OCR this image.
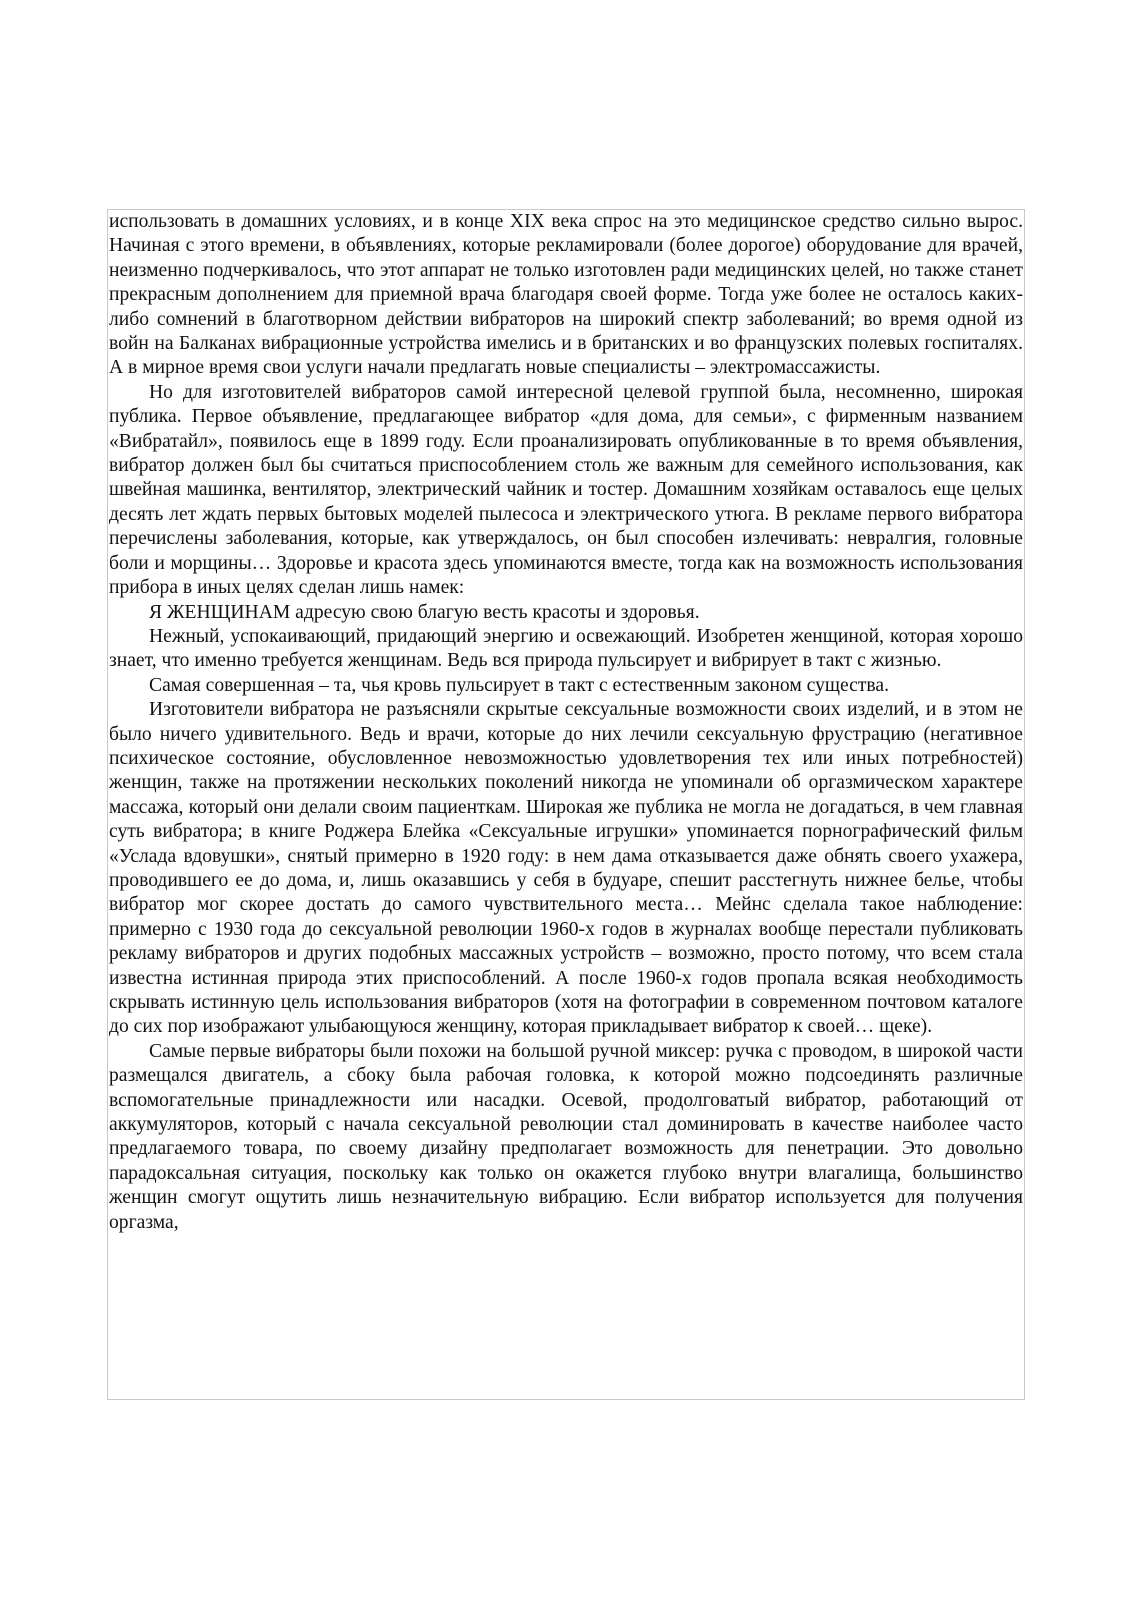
использовать в домашних условиях, и в конце XIX века спрос на это медицинское средство сильно вырос. Начиная с этого времени, в объявлениях, которые рекламировали (более дорогое) оборудование для врачей, неизменно подчеркивалось, что этот аппарат не только изготовлен ради медицинских целей, но также станет прекрасным дополнением для приемной врача благодаря своей форме. Тогда уже более не осталось каких-либо сомнений в благотворном действии вибраторов на широкий спектр заболеваний; во время одной из войн на Балканах вибрационные устройства имелись и в британских и во французских полевых госпиталях. А в мирное время свои услуги начали предлагать новые специалисты – электромассажисты.

Но для изготовителей вибраторов самой интересной целевой группой была, несомненно, широкая публика. Первое объявление, предлагающее вибратор «для дома, для семьи», с фирменным названием «Вибратайл», появилось еще в 1899 году. Если проанализировать опубликованные в то время объявления, вибратор должен был бы считаться приспособлением столь же важным для семейного использования, как швейная машинка, вентилятор, электрический чайник и тостер. Домашним хозяйкам оставалось еще целых десять лет ждать первых бытовых моделей пылесоса и электрического утюга. В рекламе первого вибратора перечислены заболевания, которые, как утверждалось, он был способен излечивать: невралгия, головные боли и морщины… Здоровье и красота здесь упоминаются вместе, тогда как на возможность использования прибора в иных целях сделан лишь намек:

Я ЖЕНЩИНАМ адресую свою благую весть красоты и здоровья.

Нежный, успокаивающий, придающий энергию и освежающий. Изобретен женщиной, которая хорошо знает, что именно требуется женщинам. Ведь вся природа пульсирует и вибрирует в такт с жизнью.

Самая совершенная – та, чья кровь пульсирует в такт с естественным законом существа.

Изготовители вибратора не разъясняли скрытые сексуальные возможности своих изделий, и в этом не было ничего удивительного. Ведь и врачи, которые до них лечили сексуальную фрустрацию (негативное психическое состояние, обусловленное невозможностью удовлетворения тех или иных потребностей) женщин, также на протяжении нескольких поколений никогда не упоминали об оргазмическом характере массажа, который они делали своим пациенткам. Широкая же публика не могла не догадаться, в чем главная суть вибратора; в книге Роджера Блейка «Сексуальные игрушки» упоминается порнографический фильм «Услада вдовушки», снятый примерно в 1920 году: в нем дама отказывается даже обнять своего ухажера, проводившего ее до дома, и, лишь оказавшись у себя в будуаре, спешит расстегнуть нижнее белье, чтобы вибратор мог скорее достать до самого чувствительного места… Мейнс сделала такое наблюдение: примерно с 1930 года до сексуальной революции 1960-х годов в журналах вообще перестали публиковать рекламу вибраторов и других подобных массажных устройств – возможно, просто потому, что всем стала известна истинная природа этих приспособлений. А после 1960-х годов пропала всякая необходимость скрывать истинную цель использования вибраторов (хотя на фотографии в современном почтовом каталоге до сих пор изображают улыбающуюся женщину, которая прикладывает вибратор к своей… щеке).

Самые первые вибраторы были похожи на большой ручной миксер: ручка с проводом, в широкой части размещался двигатель, а сбоку была рабочая головка, к которой можно подсоединять различные вспомогательные принадлежности или насадки. Осевой, продолговатый вибратор, работающий от аккумуляторов, который с начала сексуальной революции стал доминировать в качестве наиболее часто предлагаемого товара, по своему дизайну предполагает возможность для пенетрации. Это довольно парадоксальная ситуация, поскольку как только он окажется глубоко внутри влагалища, большинство женщин смогут ощутить лишь незначительную вибрацию. Если вибратор используется для получения оргазма,
